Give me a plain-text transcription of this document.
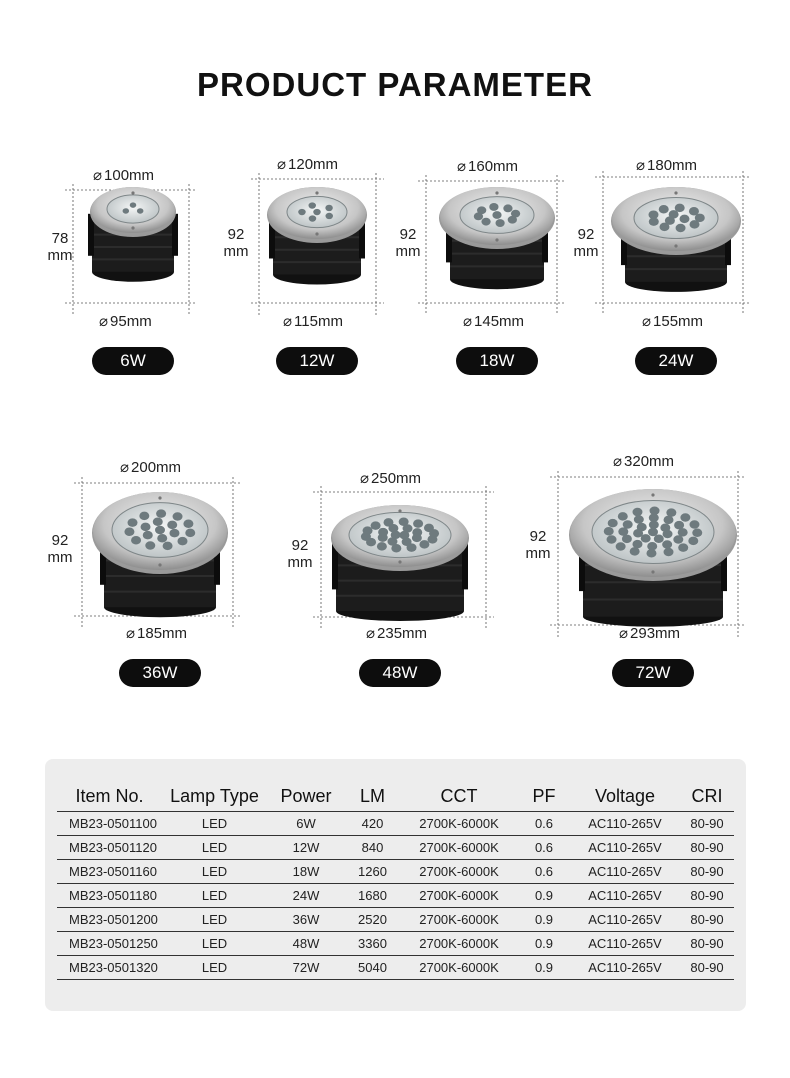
PRODUCT PARAMETER
⌀ 100mm
⌀ 95mm
78
mm
6W
⌀ 120mm
⌀ 115mm
92
mm
12W
⌀ 160mm
⌀ 145mm
92
mm
18W
⌀ 180mm
⌀ 155mm
92
mm
24W
⌀ 200mm
⌀ 185mm
92
mm
36W
⌀ 250mm
⌀ 235mm
92
mm
48W
⌀ 320mm
⌀ 293mm
92
mm
72W
Item No.	Lamp Type	Power	LM	CCT	PF	Voltage	CRI
MB23-0501100	LED	6W	420	2700K-6000K	0.6	AC110-265V	80-90
MB23-0501120	LED	12W	840	2700K-6000K	0.6	AC110-265V	80-90
MB23-0501160	LED	18W	1260	2700K-6000K	0.6	AC110-265V	80-90
MB23-0501180	LED	24W	1680	2700K-6000K	0.9	AC110-265V	80-90
MB23-0501200	LED	36W	2520	2700K-6000K	0.9	AC110-265V	80-90
MB23-0501250	LED	48W	3360	2700K-6000K	0.9	AC110-265V	80-90
MB23-0501320	LED	72W	5040	2700K-6000K	0.9	AC110-265V	80-90
